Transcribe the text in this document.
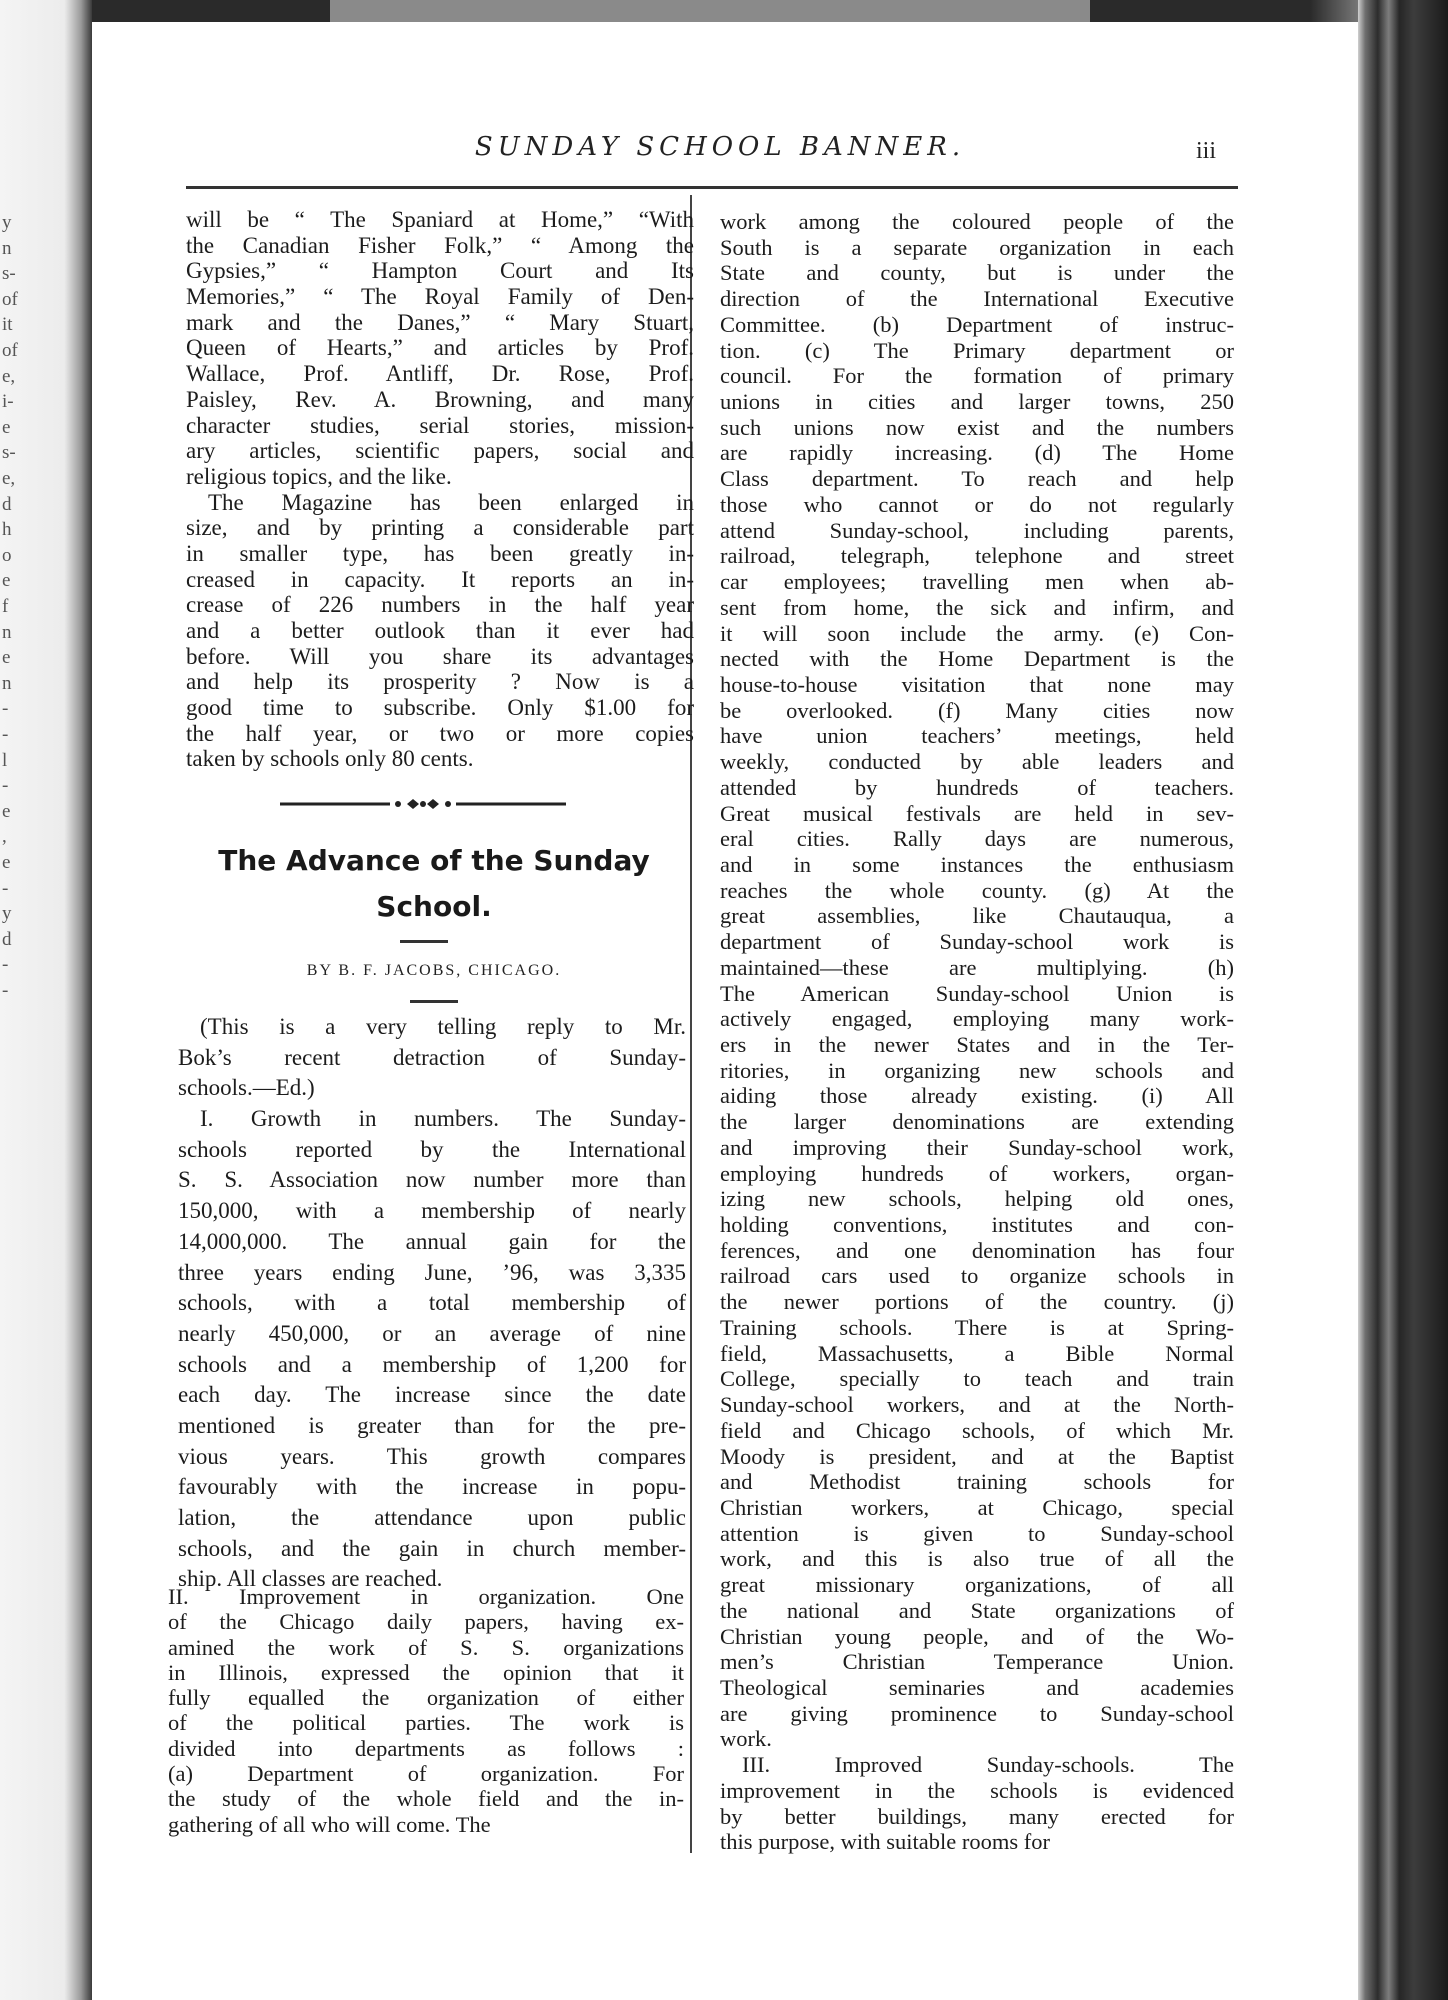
y
n
s-
of
it
of
e,
i-
e
s-
e,
d
h
o
e
f
n
e
n
-
-
l
-
e
,
e
-
y
d
-
-
SUNDAY SCHOOL BANNER.	iii
will be “ The Spaniard at Home,” “With
the Canadian Fisher Folk,” “ Among the
Gypsies,” “ Hampton Court and Its
Memories,” “ The Royal Family of Den-
mark and the Danes,” “ Mary Stuart,
Queen of Hearts,” and articles by Prof.
Wallace, Prof. Antliff, Dr. Rose, Prof.
Paisley, Rev. A. Browning, and many
character studies, serial stories, mission-
ary articles, scientific papers, social and
religious topics, and the like.
The Magazine has been enlarged in
size, and by printing a considerable part
in smaller type, has been greatly in-
creased in capacity. It reports an in-
crease of 226 numbers in the half year
and a better outlook than it ever had
before. Will you share its advantages
and help its prosperity ? Now is a
good time to subscribe. Only $1.00 for
the half year, or two or more copies
taken by schools only 80 cents.
The Advance of the Sunday
School.
BY B. F. JACOBS, CHICAGO.
(This is a very telling reply to Mr.
Bok’s recent detraction of Sunday-
schools.—Ed.)
I. Growth in numbers. The Sunday-
schools reported by the International
S. S. Association now number more than
150,000, with a membership of nearly
14,000,000. The annual gain for the
three years ending June, ’96, was 3,335
schools, with a total membership of
nearly 450,000, or an average of nine
schools and a membership of 1,200 for
each day. The increase since the date
mentioned is greater than for the pre-
vious years. This growth compares
favourably with the increase in popu-
lation, the attendance upon public
schools, and the gain in church member-
ship. All classes are reached.
II. Improvement in organization. One
of the Chicago daily papers, having ex-
amined the work of S. S. organizations
in Illinois, expressed the opinion that it
fully equalled the organization of either
of the political parties. The work is
divided into departments as follows :
(a) Department of organization. For
the study of the whole field and the in-
gathering of all who will come. The
work among the coloured people of the
South is a separate organization in each
State and county, but is under the
direction of the International Executive
Committee. (b) Department of instruc-
tion. (c) The Primary department or
council. For the formation of primary
unions in cities and larger towns, 250
such unions now exist and the numbers
are rapidly increasing. (d) The Home
Class department. To reach and help
those who cannot or do not regularly
attend Sunday-school, including parents,
railroad, telegraph, telephone and street
car employees; travelling men when ab-
sent from home, the sick and infirm, and
it will soon include the army. (e) Con-
nected with the Home Department is the
house-to-house visitation that none may
be overlooked. (f) Many cities now
have union teachers’ meetings, held
weekly, conducted by able leaders and
attended by hundreds of teachers.
Great musical festivals are held in sev-
eral cities. Rally days are numerous,
and in some instances the enthusiasm
reaches the whole county. (g) At the
great assemblies, like Chautauqua, a
department of Sunday-school work is
maintained—these are multiplying. (h)
The American Sunday-school Union is
actively engaged, employing many work-
ers in the newer States and in the Ter-
ritories, in organizing new schools and
aiding those already existing. (i) All
the larger denominations are extending
and improving their Sunday-school work,
employing hundreds of workers, organ-
izing new schools, helping old ones,
holding conventions, institutes and con-
ferences, and one denomination has four
railroad cars used to organize schools in
the newer portions of the country. (j)
Training schools. There is at Spring-
field, Massachusetts, a Bible Normal
College, specially to teach and train
Sunday-school workers, and at the North-
field and Chicago schools, of which Mr.
Moody is president, and at the Baptist
and Methodist training schools for
Christian workers, at Chicago, special
attention is given to Sunday-school
work, and this is also true of all the
great missionary organizations, of all
the national and State organizations of
Christian young people, and of the Wo-
men’s Christian Temperance Union.
Theological seminaries and academies
are giving prominence to Sunday-school
work.
III. Improved Sunday-schools. The
improvement in the schools is evidenced
by better buildings, many erected for
this purpose, with suitable rooms for
